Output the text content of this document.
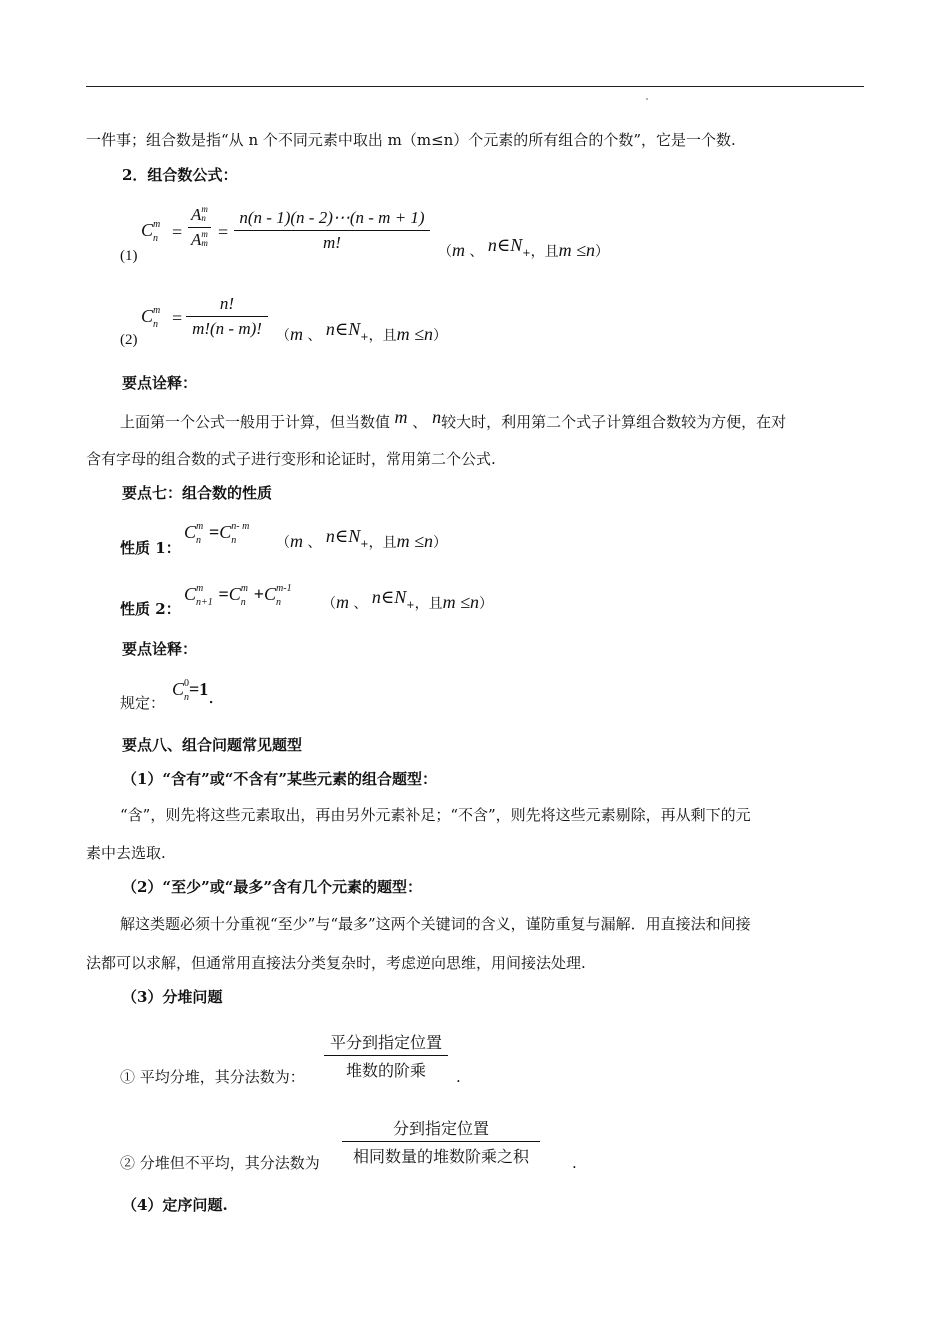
一件事；组合数是指“从 n 个不同元素中取出 m（m≤n）个元素的所有组合的个数”，它是一个数.
2．组合数公式：
(1)
C m
n =
A m
n
A m
m
= $\frac{n(n - 1)(n - 2)\cdots(n - m + 1)}{m!} (m$ 、 n∈N+，且m ≤n）
(2)
C m
$n = \frac{n!}{m!(n - m)!} (m$ 、 n∈N+，且m ≤n）
要点诠释：
上面第一个公式一般用于计算，但当数值 m 、 n较大时，利用第二个式子计算组合数较为方便，在对
含有字母的组合数的式子进行变形和论证时，常用第二个公式.
要点七：组合数的性质
性质 1：
C m
n =C n- m
n	（m 、 n∈N+，且m ≤n）
性质 2：
C m
n+1 =C m
n +C m-1
n	（m 、 n∈N+，且m ≤n）
要点诠释：
规定：
C 0
n =1.
要点八、组合问题常见题型
（1）“含有”或“不含有”某些元素的组合题型：
“含”，则先将这些元素取出，再由另外元素补足；“不含”，则先将这些元素剔除，再从剩下的元
素中去选取.
（2）“至少”或“最多”含有几个元素的题型：
解这类题必须十分重视“至少”与“最多”这两个关键词的含义，谨防重复与漏解．用直接法和间接
法都可以求解，但通常用直接法分类复杂时，考虑逆向思维，用间接法处理.
（3）分堆问题
① 平均分堆，其分法数为：
平分到指定位置
堆数的阶乘	.
② 分堆但不平均，其分法数为
分到指定位置
相同数量的堆数阶乘之积	.
（4）定序问题.
